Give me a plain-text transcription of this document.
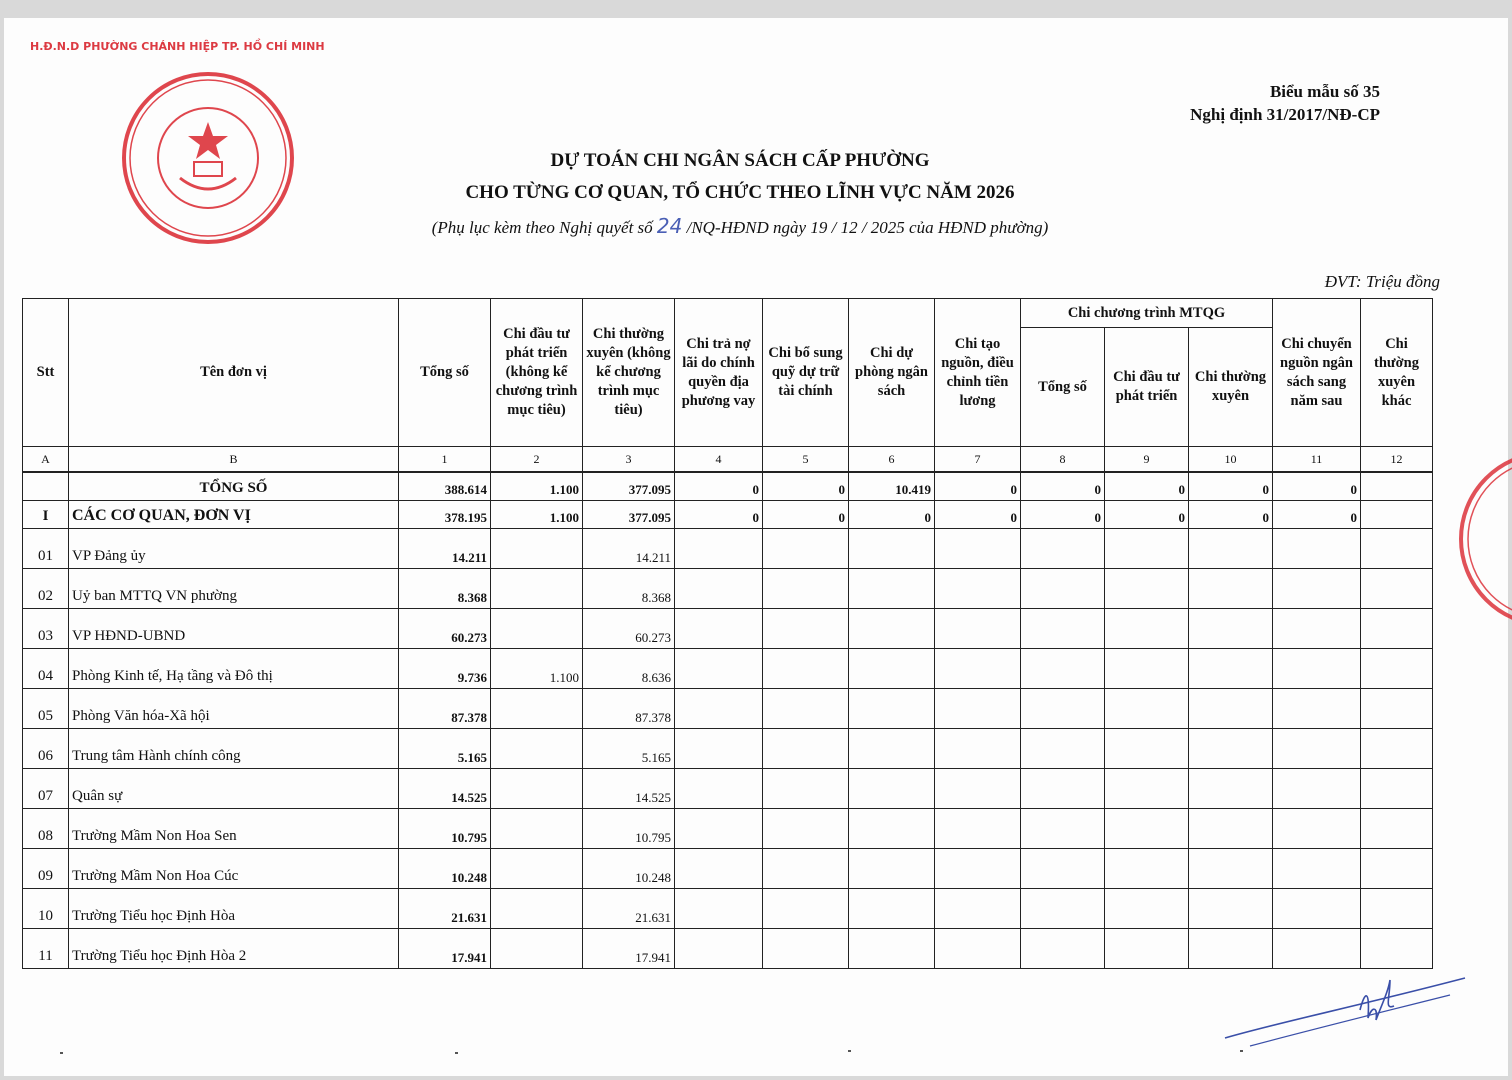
Biểu mẫu số 35
Nghị định 31/2017/NĐ-CP
H.Đ.N.D PHƯỜNG CHÁNH HIỆP TP. HỒ CHÍ MINH
DỰ TOÁN CHI NGÂN SÁCH CẤP PHƯỜNG
CHO TỪNG CƠ QUAN, TỔ CHỨC THEO LĨNH VỰC NĂM 2026
(Phụ lục kèm theo Nghị quyết số 24 /NQ-HĐND ngày 19 / 12 / 2025 của HĐND phường)
ĐVT: Triệu đồng
Stt	Tên đơn vị	Tổng số	Chi đầu tư phát triển (không kể chương trình mục tiêu)	Chi thường xuyên (không kể chương trình mục tiêu)	Chi trả nợ lãi do chính quyền địa phương vay	Chi bổ sung quỹ dự trữ tài chính	Chi dự phòng ngân sách	Chi tạo nguồn, điều chỉnh tiền lương	Chi chương trình MTQG			Chi chuyển nguồn ngân sách sang năm sau	Chi thường xuyên khác
									Tổng số	Chi đầu tư phát triển	Chi thường xuyên		
A	B	1	2	3	4	5	6	7	8	9	10	11	12
	TỔNG SỐ	388.614	1.100	377.095	0	0	10.419	0	0	0	0	0	
I	CÁC CƠ QUAN, ĐƠN VỊ	378.195	1.100	377.095	0	0	0	0	0	0	0	0	
01	VP Đảng ủy	14.211		14.211									
02	Uỷ ban MTTQ VN phường	8.368		8.368									
03	VP HĐND-UBND	60.273		60.273									
04	Phòng Kinh tế, Hạ tầng và Đô thị	9.736	1.100	8.636									
05	Phòng Văn hóa-Xã hội	87.378		87.378									
06	Trung tâm Hành chính công	5.165		5.165									
07	Quân sự	14.525		14.525									
08	Trường Mầm Non Hoa Sen	10.795		10.795									
09	Trường Mầm Non Hoa Cúc	10.248		10.248									
10	Trường Tiểu học Định Hòa	21.631		21.631									
11	Trường Tiểu học Định Hòa 2	17.941		17.941									
